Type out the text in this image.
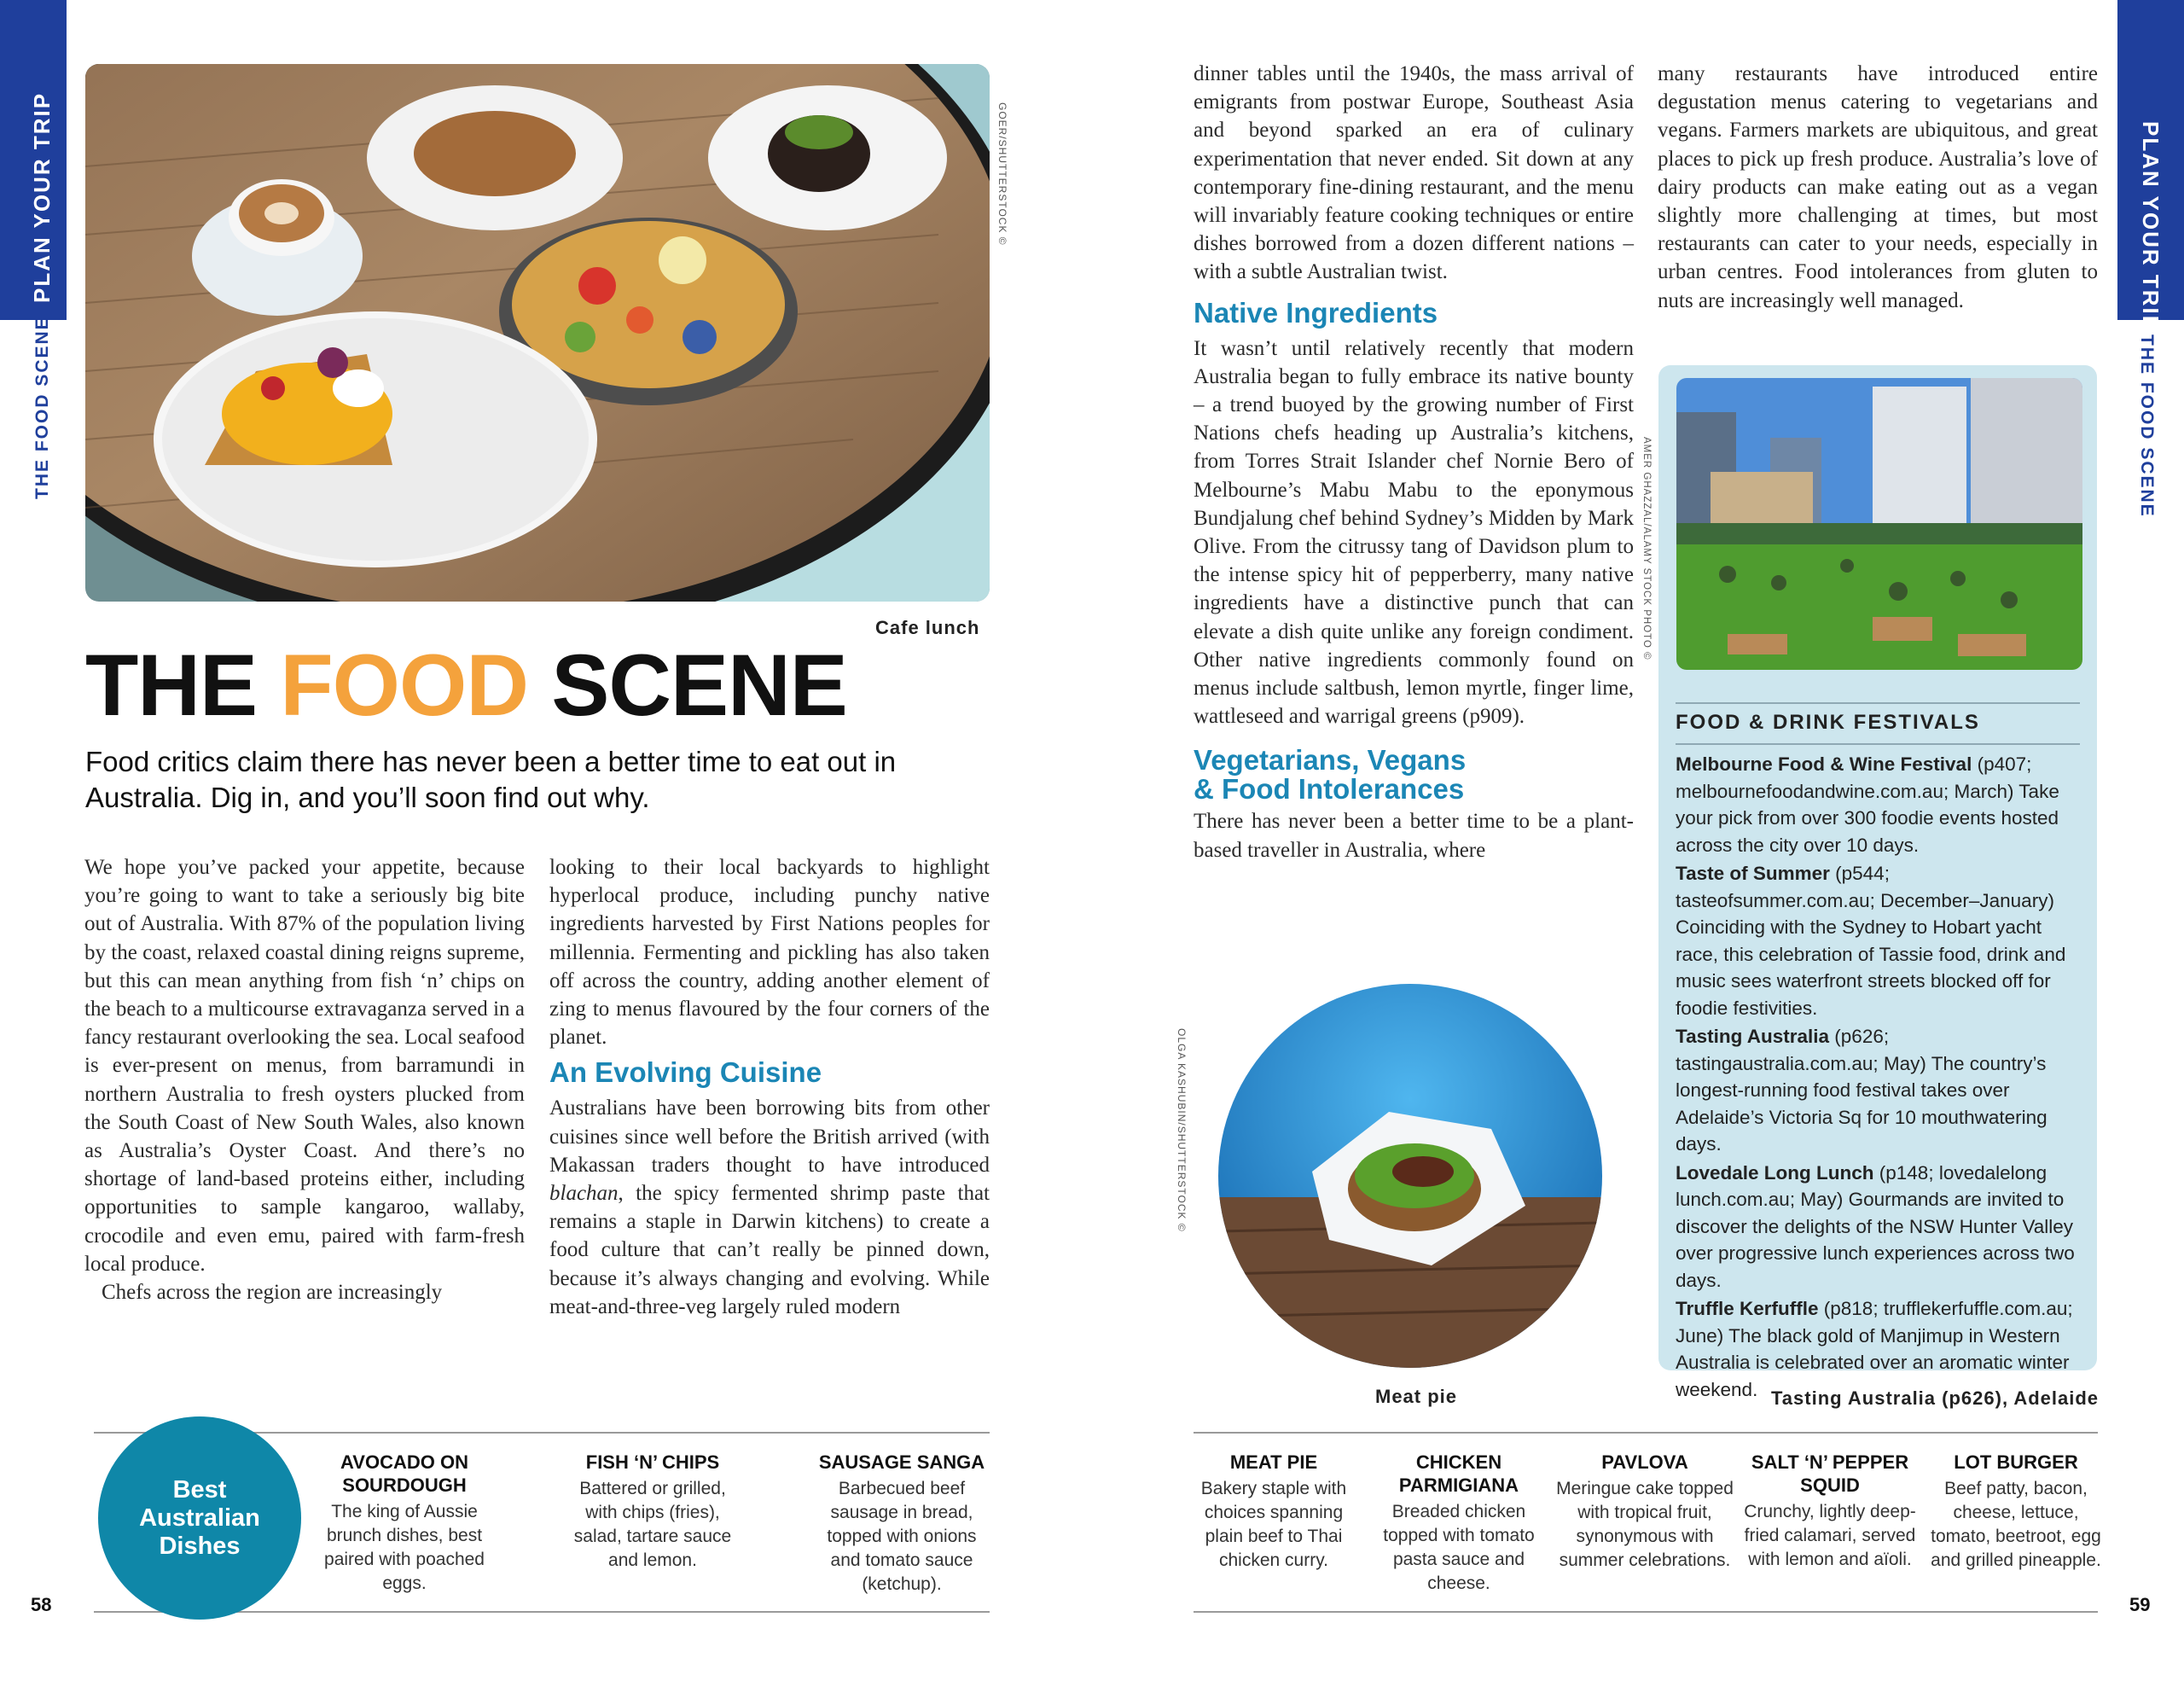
PLAN YOUR TRIP
THE FOOD SCENE
PLAN YOUR TRIP
THE FOOD SCENE
GOER/SHUTTERSTOCK ©
Cafe lunch
THE FOOD SCENE
Food critics claim there has never been a better time to eat out in Australia. Dig in, and you’ll soon find out why.

We hope you’ve packed your appetite, because you’re going to want to take a seriously big bite out of Australia. With 87% of the population living by the coast, relaxed coastal dining reigns supreme, but this can mean anything from fish ‘n’ chips on the beach to a multicourse extravaganza served in a fancy restaurant overlooking the sea. Local seafood is ever-present on menus, from barramundi in northern Australia to fresh oysters plucked from the South Coast of New South Wales, also known as Australia’s Oyster Coast. And there’s no shortage of land-based proteins either, including opportunities to sample kangaroo, wallaby, crocodile and even emu, paired with farm-fresh local produce.

Chefs across the region are increasingly

looking to their local backyards to highlight hyperlocal produce, including punchy native ingredients harvested by First Nations peoples for millennia. Fermenting and pickling has also taken off across the country, adding another element of zing to menus flavoured by the four corners of the planet.

An Evolving Cuisine

Australians have been borrowing bits from other cuisines since well before the British arrived (with Makassan traders thought to have introduced blachan, the spicy fermented shrimp paste that remains a staple in Darwin kitchens) to create a food culture that can’t really be pinned down, because it’s always changing and evolving. While meat-and-three-veg largely ruled modern

dinner tables until the 1940s, the mass arrival of emigrants from postwar Europe, Southeast Asia and beyond sparked an era of culinary experimentation that never ended. Sit down at any contemporary fine-dining restaurant, and the menu will invariably feature cooking techniques or entire dishes borrowed from a dozen different nations – with a subtle Australian twist.

Native Ingredients

It wasn’t until relatively recently that modern Australia began to fully embrace its native bounty – a trend buoyed by the growing number of First Nations chefs heading up Australia’s kitchens, from Torres Strait Islander chef Nornie Bero of Melbourne’s Mabu Mabu to the eponymous Bundjalung chef behind Sydney’s Midden by Mark Olive. From the citrussy tang of Davidson plum to the intense spicy hit of pepperberry, many native ingredients have a distinctive punch that can elevate a dish quite unlike any foreign condiment. Other native ingredients commonly found on menus include saltbush, lemon myrtle, finger lime, wattleseed and warrigal greens (p909).

Vegetarians, Vegans
& Food Intolerances

There has never been a better time to be a plant-based traveller in Australia, where

many restaurants have introduced entire degustation menus catering to vegetarians and vegans. Farmers markets are ubiquitous, and great places to pick up fresh produce. Australia’s love of dairy products can make eating out as a vegan slightly more challenging at times, but most restaurants can cater to your needs, especially in urban centres. Food intolerances from gluten to nuts are increasingly well managed.

AMER GHAZZAL/ALAMY STOCK PHOTO ©
FOOD & DRINK FESTIVALS
Melbourne Food & Wine Festival (p407; melbournefoodandwine.com.au; March) Take your pick from over 300 foodie events hosted across the city over 10 days.
Taste of Summer (p544; tasteofsummer.com.au; December–January) Coinciding with the Sydney to Hobart yacht race, this celebration of Tassie food, drink and music sees waterfront streets blocked off for foodie festivities.
Tasting Australia (p626; tastingaustralia.com.au; May) The country’s longest-running food festival takes over Adelaide’s Victoria Sq for 10 mouthwatering days.
Lovedale Long Lunch (p148; lovedalelong lunch.com.au; May) Gourmands are invited to discover the delights of the NSW Hunter Valley over progressive lunch experiences across two days.
Truffle Kerfuffle (p818; trufflekerfuffle.com.au; June) The black gold of Manjimup in Western Australia is celebrated over an aromatic winter weekend. Tasting Australia (p626), Adelaide
OLGA KASHUBIN/SHUTTERSTOCK ©
Meat pie
Best
Australian
Dishes
AVOCADO ON SOURDOUGH
The king of Aussie brunch dishes, best paired with poached eggs.
FISH ‘N’ CHIPS
Battered or grilled, with chips (fries), salad, tartare sauce and lemon.
SAUSAGE SANGA
Barbecued beef sausage in bread, topped with onions and tomato sauce (ketchup).
MEAT PIE
Bakery staple with choices spanning plain beef to Thai chicken curry.
CHICKEN PARMIGIANA
Breaded chicken topped with tomato pasta sauce and cheese.
PAVLOVA
Meringue cake topped with tropical fruit, synonymous with summer celebrations.
SALT ‘N’ PEPPER SQUID
Crunchy, lightly deep-fried calamari, served with lemon and aïoli.
LOT BURGER
Beef patty, bacon, cheese, lettuce, tomato, beetroot, egg and grilled pineapple.
58	59
